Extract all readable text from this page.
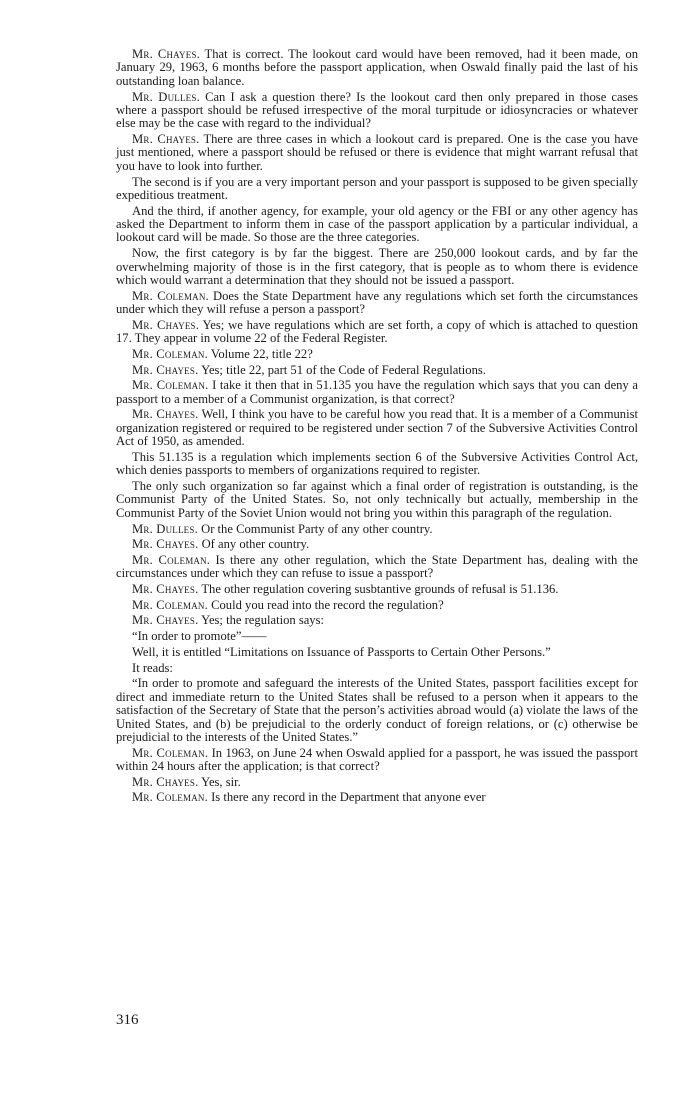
Mr. Chayes. That is correct. The lookout card would have been removed, had it been made, on January 29, 1963, 6 months before the passport application, when Oswald finally paid the last of his outstanding loan balance.

Mr. Dulles. Can I ask a question there? Is the lookout card then only prepared in those cases where a passport should be refused irrespective of the moral turpitude or idiosyncracies or whatever else may be the case with regard to the individual?

Mr. Chayes. There are three cases in which a lookout card is prepared. One is the case you have just mentioned, where a passport should be refused or there is evidence that might warrant refusal that you have to look into further.

The second is if you are a very important person and your passport is supposed to be given specially expeditious treatment.

And the third, if another agency, for example, your old agency or the FBI or any other agency has asked the Department to inform them in case of the passport application by a particular individual, a lookout card will be made. So those are the three categories.

Now, the first category is by far the biggest. There are 250,000 lookout cards, and by far the overwhelming majority of those is in the first category, that is people as to whom there is evidence which would warrant a determination that they should not be issued a passport.

Mr. Coleman. Does the State Department have any regulations which set forth the circumstances under which they will refuse a person a passport?

Mr. Chayes. Yes; we have regulations which are set forth, a copy of which is attached to question 17. They appear in volume 22 of the Federal Register.

Mr. Coleman. Volume 22, title 22?

Mr. Chayes. Yes; title 22, part 51 of the Code of Federal Regulations.

Mr. Coleman. I take it then that in 51.135 you have the regulation which says that you can deny a passport to a member of a Communist organization, is that correct?

Mr. Chayes. Well, I think you have to be careful how you read that. It is a member of a Communist organization registered or required to be registered under section 7 of the Subversive Activities Control Act of 1950, as amended.

This 51.135 is a regulation which implements section 6 of the Subversive Activities Control Act, which denies passports to members of organizations required to register.

The only such organization so far against which a final order of registration is outstanding, is the Communist Party of the United States. So, not only technically but actually, membership in the Communist Party of the Soviet Union would not bring you within this paragraph of the regulation.

Mr. Dulles. Or the Communist Party of any other country.

Mr. Chayes. Of any other country.

Mr. Coleman. Is there any other regulation, which the State Department has, dealing with the circumstances under which they can refuse to issue a passport?

Mr. Chayes. The other regulation covering susbtantive grounds of refusal is 51.136.

Mr. Coleman. Could you read into the record the regulation?

Mr. Chayes. Yes; the regulation says:

“In order to promote”——

Well, it is entitled “Limitations on Issuance of Passports to Certain Other Persons.”

It reads:

“In order to promote and safeguard the interests of the United States, passport facilities except for direct and immediate return to the United States shall be refused to a person when it appears to the satisfaction of the Secretary of State that the person’s activities abroad would (a) violate the laws of the United States, and (b) be prejudicial to the orderly conduct of foreign relations, or (c) otherwise be prejudicial to the interests of the United States.”

Mr. Coleman. In 1963, on June 24 when Oswald applied for a passport, he was issued the passport within 24 hours after the application; is that correct?

Mr. Chayes. Yes, sir.

Mr. Coleman. Is there any record in the Department that anyone ever

316
